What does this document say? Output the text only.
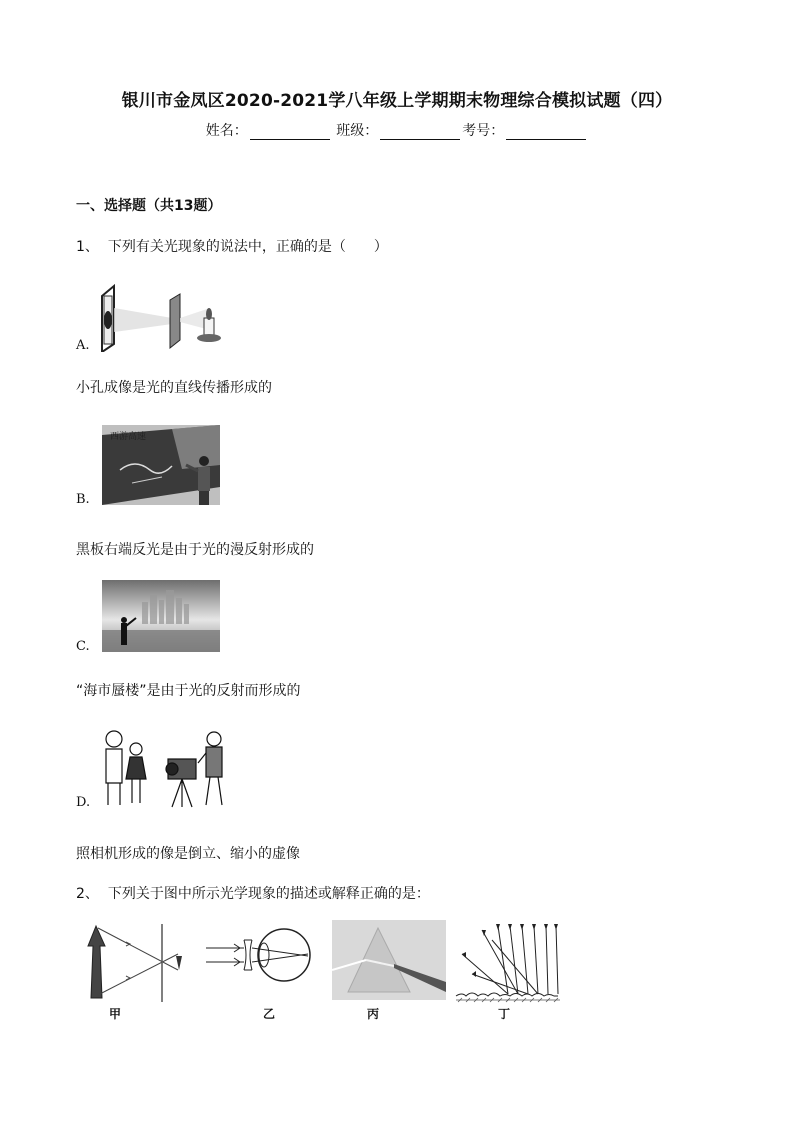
银川市金凤区2020-2021学八年级上学期期末物理综合模拟试题（四）
姓名：	班级：	考号：
一、选择题（共13题）
1、 下列有关光现象的说法中，正确的是（　　）
A.
小孔成像是光的直线传播形成的
B.
西游高速
黑板右端反光是由于光的漫反射形成的
C.
“海市蜃楼”是由于光的反射而形成的
D.
照相机形成的像是倒立、缩小的虚像
2、 下列关于图中所示光学现象的描述或解释正确的是：
甲	乙	丙	丁
